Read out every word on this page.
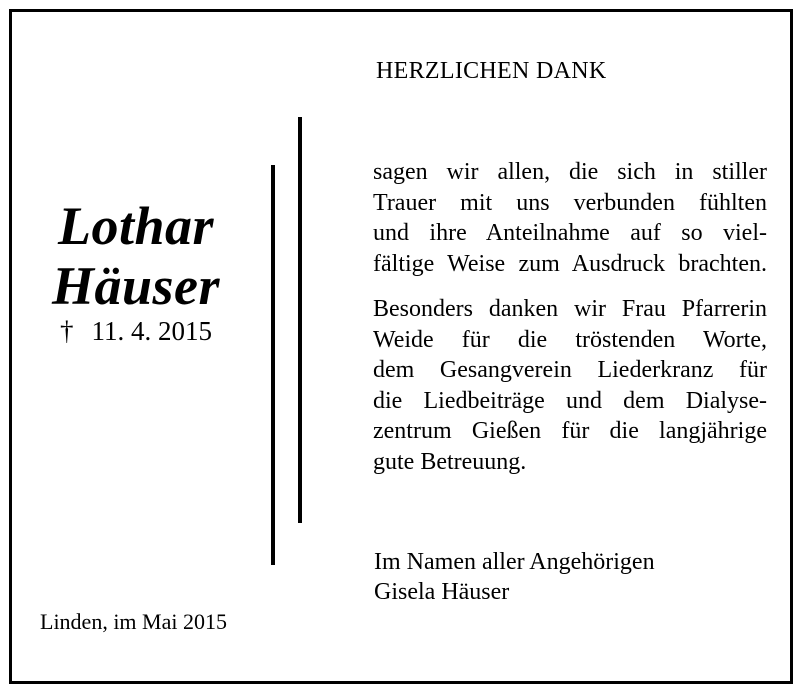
Lothar
Häuser
† 11. 4. 2015
HERZLICHEN DANK
sagen wir allen, die sich in stiller
Trauer mit uns verbunden fühlten
und ihre Anteilnahme auf so viel-
fältige Weise zum Ausdruck brachten.
Besonders danken wir Frau Pfarrerin
Weide für die tröstenden Worte,
dem Gesangverein Liederkranz für
die Liedbeiträge und dem Dialyse-
zentrum Gießen für die langjährige
gute Betreuung.
Im Namen aller Angehörigen
Gisela Häuser
Linden, im Mai 2015
